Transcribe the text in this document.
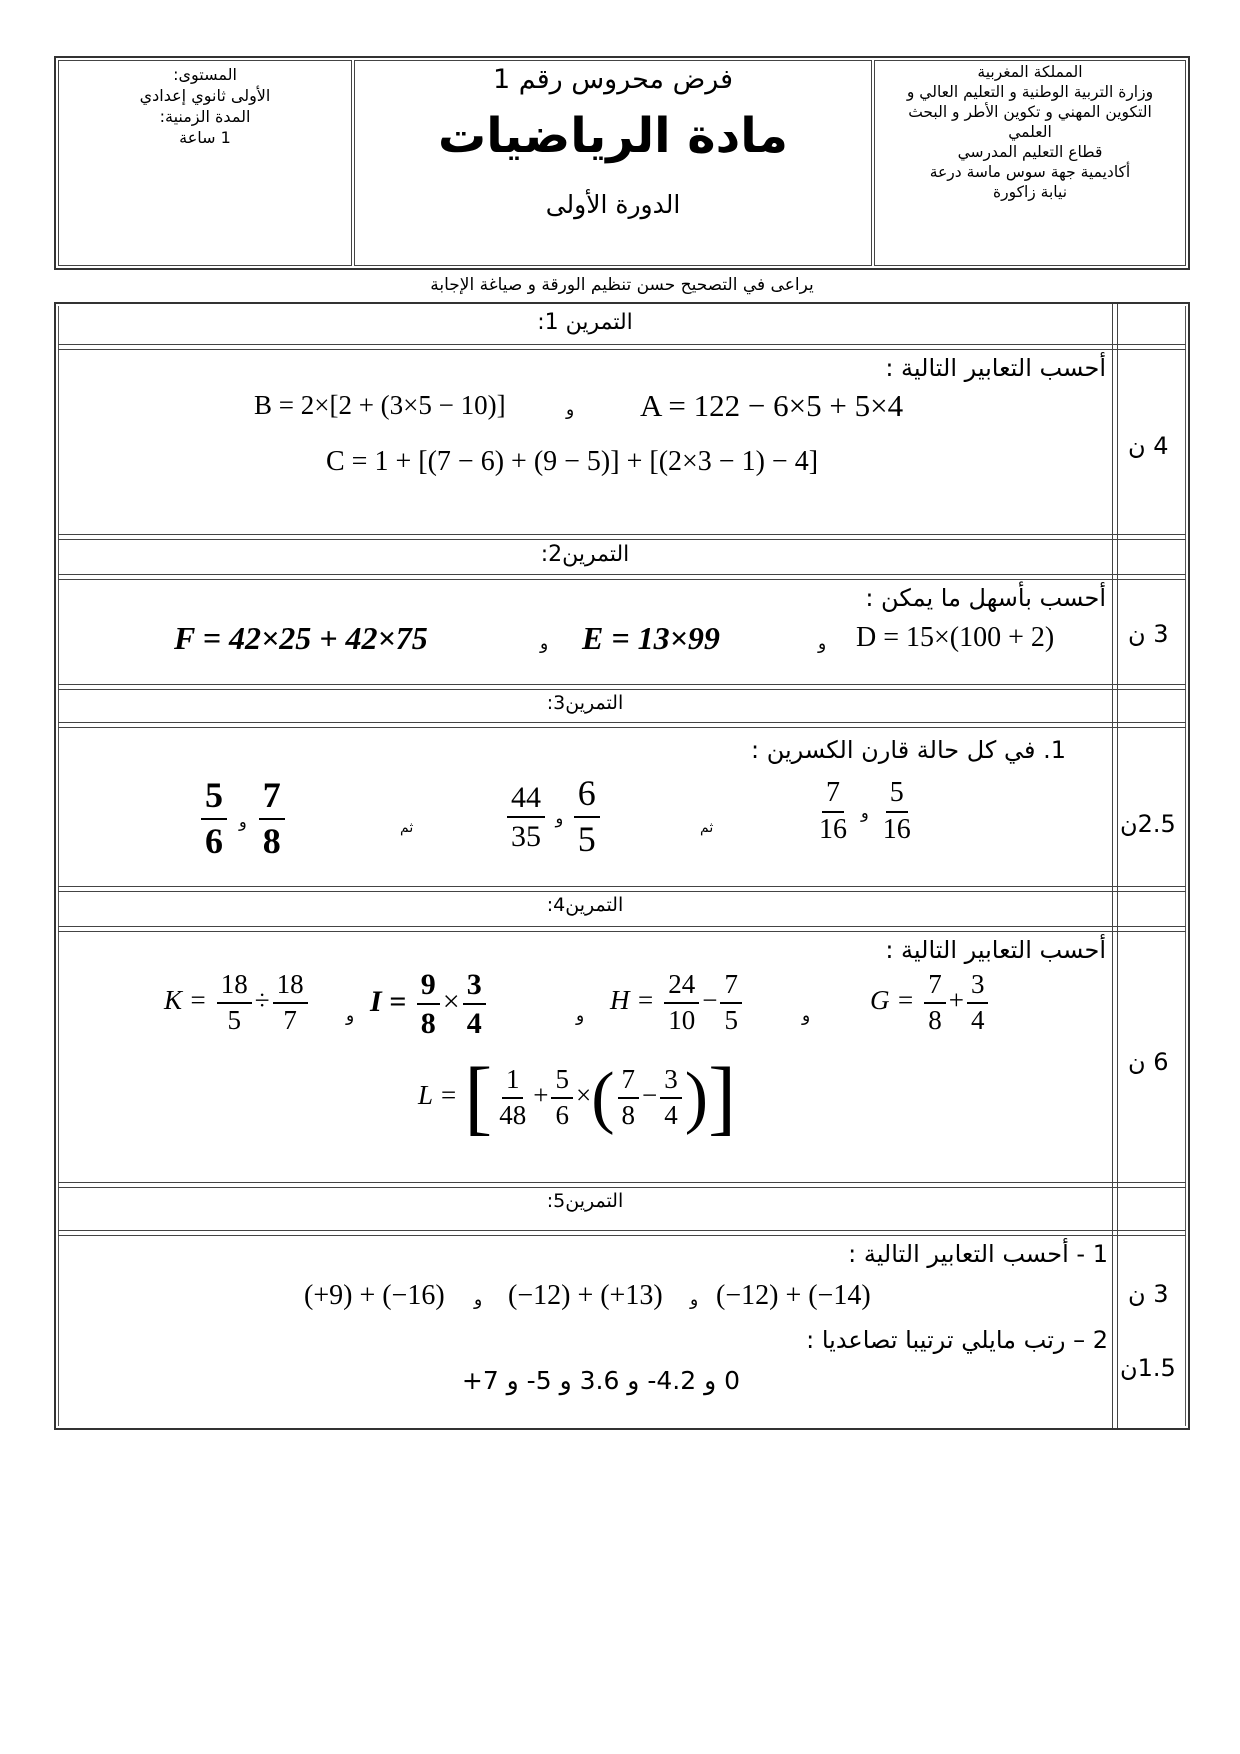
المملكة المغربية
وزارة التربية الوطنية و التعليم العالي و
التكوين المهني و تكوين الأطر و البحث
العلمي
قطاع التعليم المدرسي
أكاديمية جهة سوس ماسة درعة
نيابة زاكورة
فرض محروس رقم 1
مادة الرياضيات
الدورة الأولى
المستوى:
الأولى ثانوي إعدادي
المدة الزمنية:
1 ساعة
يراعى في التصحيح حسن تنظيم الورقة و صياغة الإجابة
التمرين 1:
أحسب التعابير التالية :
B = 2×[2 + (3×5 − 10)]	و A = 122 − 6×5 + 5×4
C = 1 + [(7 − 6) + (9 − 5)] + [(2×3 − 1) − 4]	4 ن
التمرين2:
أحسب بأسهل ما يمكن :
F = 42×25 + 42×75	و E = 13×99	و D = 15×(100 + 2)	3 ن
التمرين3:
1. في كل حالة قارن الكسرين :
$\frac{5}{6}$ و $\frac{7}{8}$	ثم	$\frac{44}{35}$ و $\frac{6}{5}$	ثم	$\frac{7}{16}$ و $\frac{5}{16}$	2.5ن
التمرين4:
أحسب التعابير التالية :
$K = \frac{18}{5} \div \frac{18}{7}$ و $I = \frac{9}{8} \times \frac{3}{4}$	و
$H = \frac{24}{10} - \frac{7}{5}$	و
$G = \frac{7}{8} + \frac{3}{4}$
L = [ $\frac{1}{48} + \frac{5}{6}$ ×( $\frac{7}{8} - \frac{3}{4}$ )]	6 ن
التمرين5:
1 - أحسب التعابير التالية :
(+9) + (−16) و (−12) + (+13) و (−12) + (−14)	3 ن
2 – رتب مايلي ترتيبا تصاعديا :
0 و 4.2- و 3.6 و 5- و 7+	1.5ن
